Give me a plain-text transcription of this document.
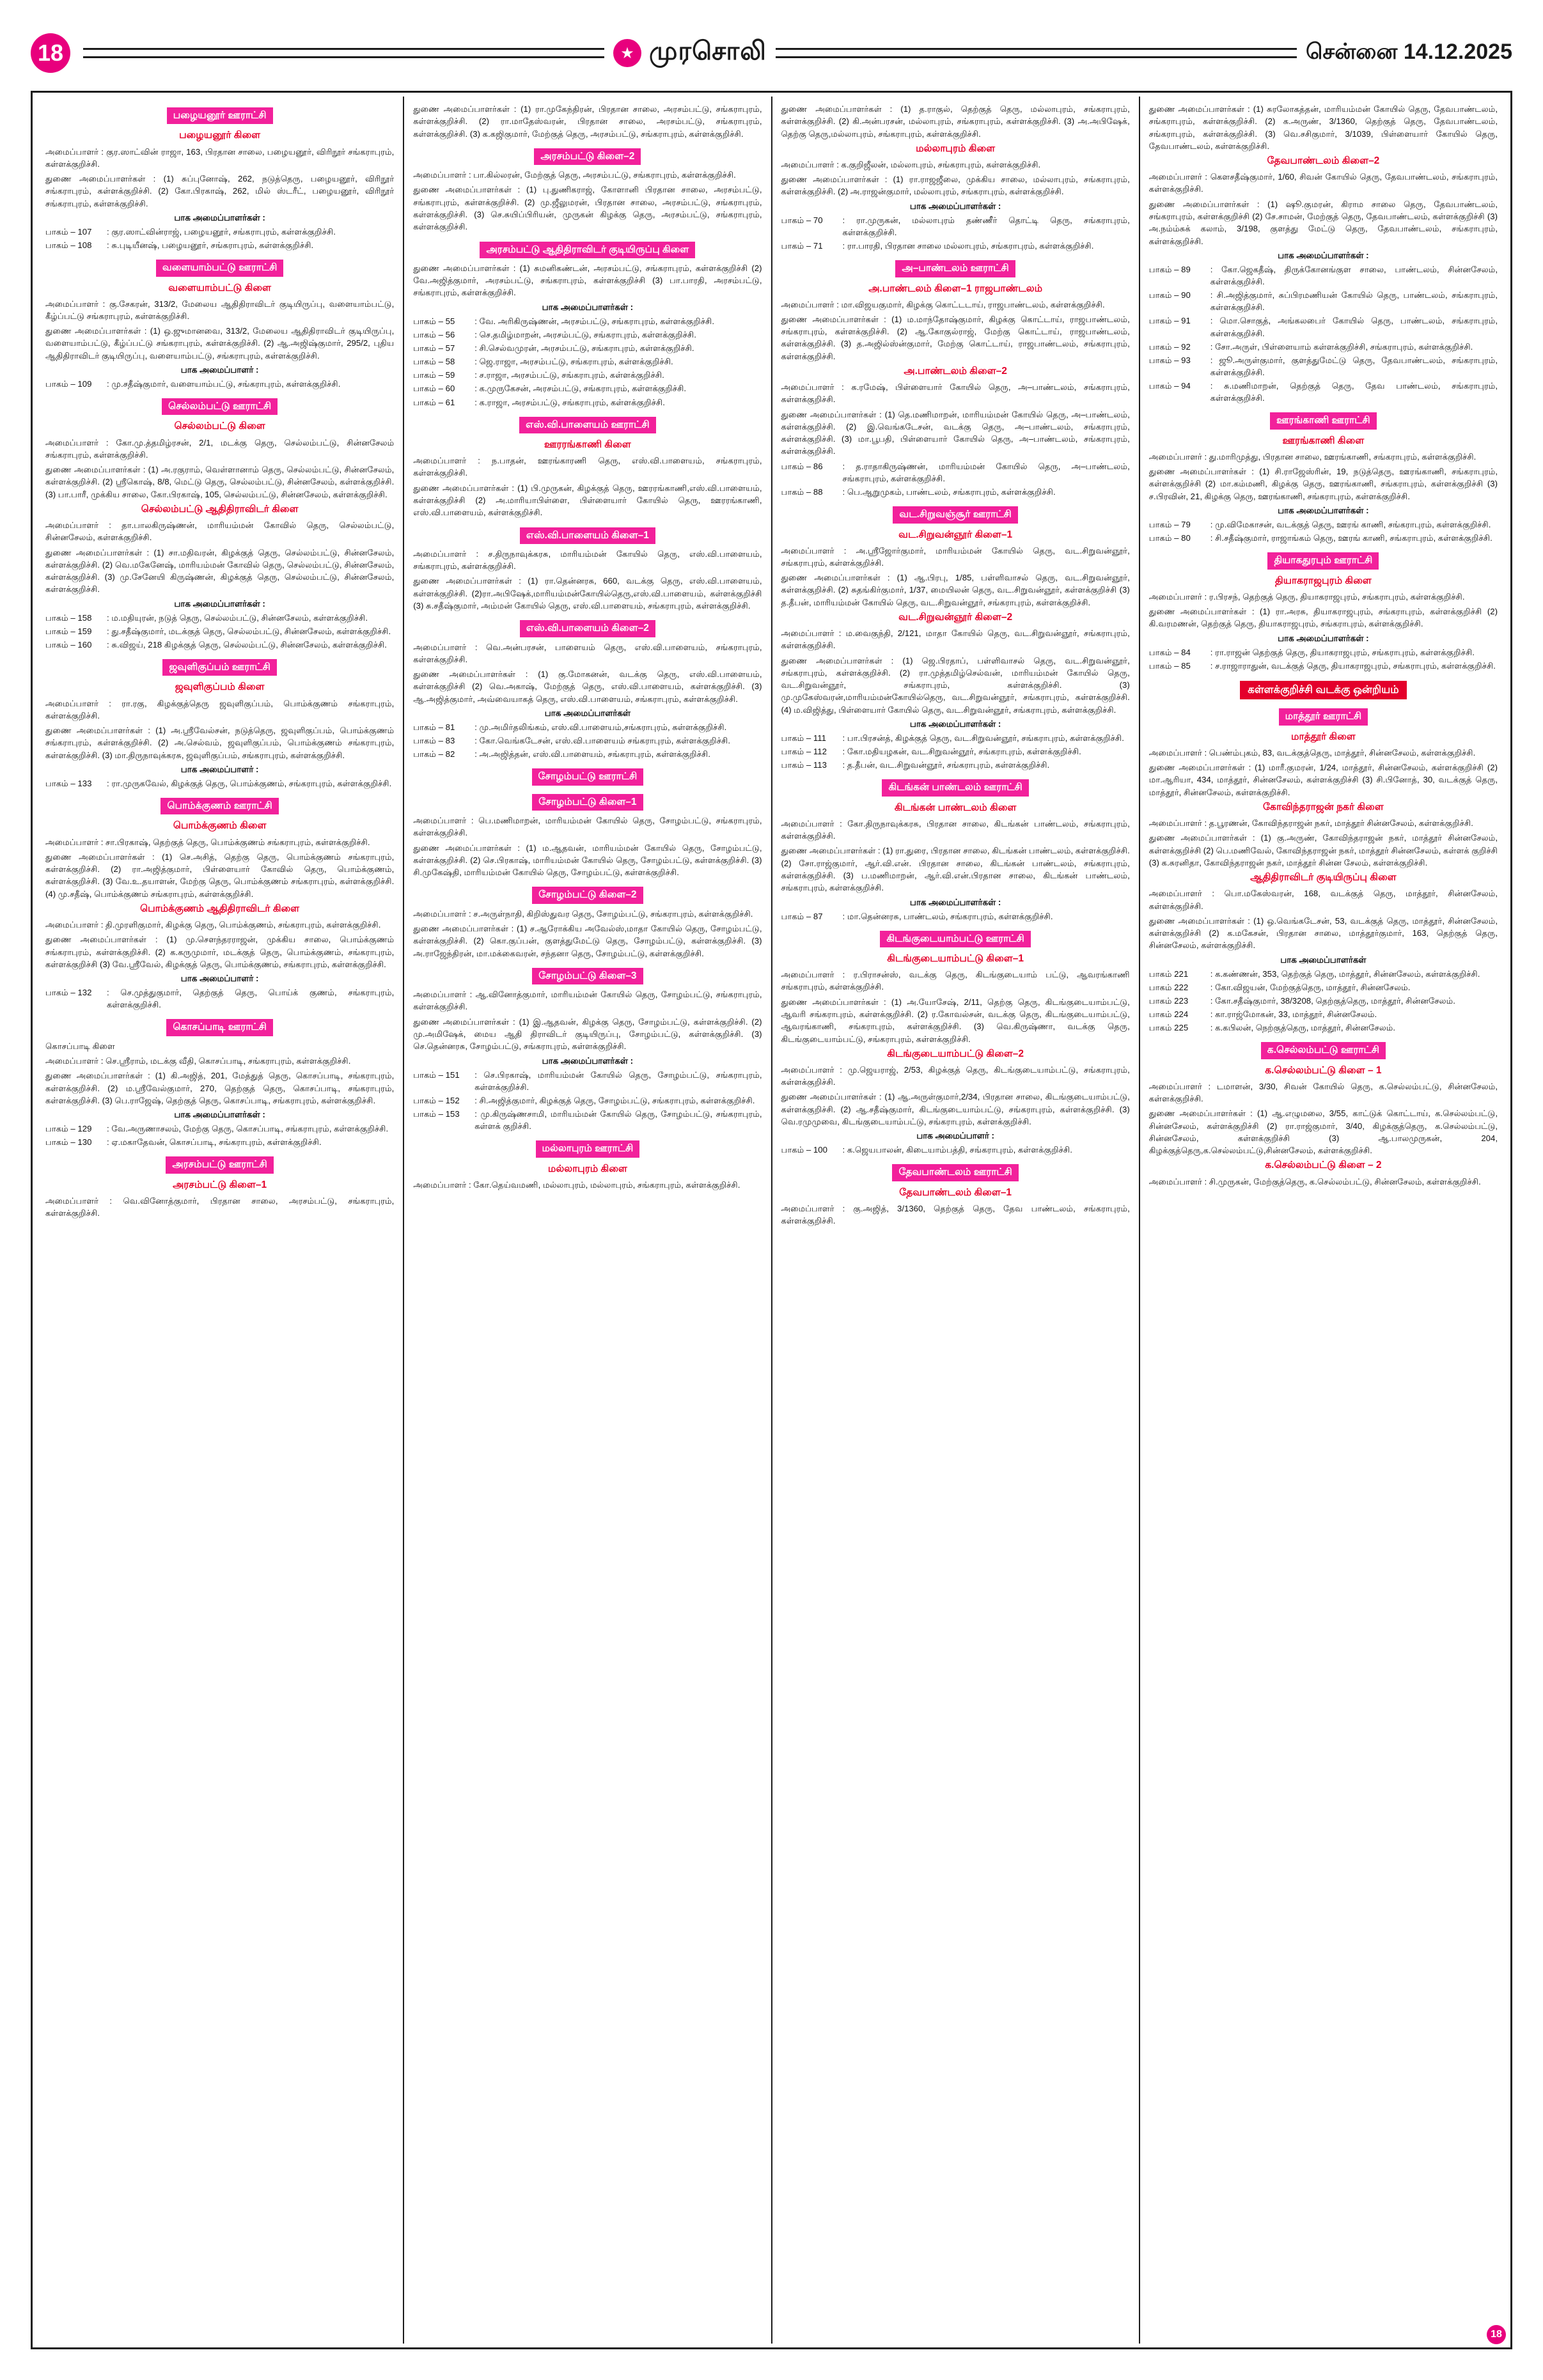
18	★ முரசொலி	சென்னை 14.12.2025
பழையனூர் ஊராட்சி
பழையனூர் கிளை
அமைப்பாளர் : குர.ஸாட்வின் ராஜா, 163, பிரதான சாலை, பழையனூர், விரிநூர் சங்கராபுரம், கள்ளக்குறிச்சி.
துணை அமைப்பாளர்கள் : (1) சுப்புனோஷ், 262, நடுத்தெரு, பழையனூர், விரிநூர் சங்கராபுரம், கள்ளக்குறிச்சி. (2) கோ.பிரகாஷ், 262, மில் ஸ்டரீட், பழையனூர், விரிநூர் சங்கராபுரம், கள்ளக்குறிச்சி.
பாக அமைப்பாளர்கள் :
பாகம் – 107	: குர.ஸாட்வின்ராஜ், பழையனூர், சங்கராபுரம், கள்ளக்குறிச்சி.
பாகம் – 108	: சு.புடியீனஷ், பழையனூர், சங்கராபுரம், கள்ளக்குறிச்சி.
வளையாம்பட்டு ஊராட்சி
வளையாம்பட்டு கிளை
அமைப்பாளர் : கு.சேகரன், 313/2, மேலைய ஆதிதிராவிடர் குடியிருப்பு, வளையாம்பட்டு, கீழ்ப்பட்டு சங்கராபுரம், கள்ளக்குறிச்சி.
துணை அமைப்பாளர்கள் : (1) ஒ.ஜுமானவை, 313/2, மேலைய ஆதிதிராவிடர் குடியிருப்பு, வளையாம்பட்டு, கீழ்ப்பட்டு சங்கராபுரம், கள்ளக்குறிச்சி. (2) ஆ.அஜிஷ்குமார், 295/2, புதிய ஆதிதிராவிடர் குடியிருப்பு, வளையாம்பட்டு, சங்கராபுரம், கள்ளக்குறிச்சி.
பாக அமைப்பாளர் :
பாகம் – 109	: மு.சதீஷ்குமார், வளையாம்பட்டு, சங்கராபுரம், கள்ளக்குறிச்சி.
செல்லம்பட்டு ஊராட்சி
செல்லம்பட்டு கிளை
அமைப்பாளர் : கோ.மு.த்தமிழ்ரசன், 2/1, மடக்கு தெரு, செல்லம்பட்டு, சின்னசேலம் சங்கராபுரம், கள்ளக்குறிச்சி.
துணை அமைப்பாளர்கள் : (1) அ.ரகுராம், வெள்ளானாம் தெரு, செல்லம்பட்டு, சின்னசேலம், கள்ளக்குறிச்சி. (2) ஸ்ரீகொஷ், 8/8, மெட்டு தெரு, செல்லம்பட்டு, சின்னசேலம், கள்ளக்குறிச்சி. (3) பா.பாரீ, முக்கிய சாலை, கோ.பிரகாஷ், 105, செல்லம்பட்டு, சின்னசேலம், கள்ளக்குறிச்சி.
செல்லம்பட்டு ஆதிதிராவிடர் கிளை
அமைப்பாளர் : தா.பாலகிருஷ்ணன், மாரியம்மன் கோவில் தெரு, செல்லம்பட்டு, சின்னசேலம், கள்ளக்குறிச்சி.
துணை அமைப்பாளர்கள் : (1) சா.மதிவரன், கிழக்குத் தெரு, செல்லம்பட்டு, சின்னசேலம், கள்ளக்குறிச்சி. (2) வெ.மகேனேஷ், மாரியம்மன் கோவில் தெரு, செல்லம்பட்டு, சின்னசேலம், கள்ளக்குறிச்சி. (3) மு.சேனேயி கிருஷ்ணன், கிழக்குத் தெரு, செல்லம்பட்டு, சின்னசேலம், கள்ளக்குறிச்சி.
பாக அமைப்பாளர்கள் :
பாகம் – 158	: ம.மதியுரன், நடுத் தெரு, செல்லம்பட்டு, சின்னசேலம், கள்ளக்குறிச்சி.
பாகம் – 159	: து.சதீஷ்குமார், மடக்குத் தெரு, செல்லம்பட்டு, சின்னசேலம், கள்ளக்குறிச்சி.
பாகம் – 160	: சு.விஜய், 218 கிழக்குத் தெரு, செல்லம்பட்டு, சின்னசேலம், கள்ளக்குறிச்சி.
ஜவுளிகுப்பம் ஊராட்சி
ஜவுளிகுப்பம் கிளை
அமைப்பாளர் : ரா.ரகு, கிழக்குத்தெரு ஜவுளிகுப்பம், பொம்க்குணம் சங்கராபுரம், கள்ளக்குறிச்சி.
துணை அமைப்பாளர்கள் : (1) அ.ஸ்ரீவேல்சன், நடுத்தெரு, ஜவுளிகுப்பம், பொம்க்குணம் சங்கராபுரம், கள்ளக்குறிச்சி. (2) அ.செல்வம், ஜவுளிகுப்பம், பொம்க்குணம் சங்கராபுரம், கள்ளக்குறிச்சி. (3) மா.திருநாவுக்கரசு, ஜவுளிகுப்பம், சங்கராபுரம், கள்ளக்குறிச்சி.
பாக அமைப்பாளர் :
பாகம் – 133	: ரா.முருகவேல், கிழக்குத் தெரு, பொம்க்குணம், சங்கராபுரம், கள்ளக்குறிச்சி.
பொம்க்குணம் ஊராட்சி
பொம்க்குணம் கிளை
அமைப்பாளர் : சா.பிரகாஷ், தெற்குத் தெரு, பொம்க்குணம் சங்கராபுரம், கள்ளக்குறிச்சி.
துணை அமைப்பாளர்கள் : (1) செ.அசித், தெற்கு தெரு, பொம்க்குணம் சங்கராபுரம், கள்ளக்குறிச்சி. (2) ரா.அஜித்குமார், பிள்ளையார் கோவில் தெரு, பொம்க்குணம், கள்ளக்குறிச்சி. (3) வே.உ.தயாளன், மேற்கு தெரு, பொம்க்குணம் சங்கராபுரம், கள்ளக்குறிச்சி. (4) மு.சதீஷ், பொம்க்குணம் சங்கராபுரம், கள்ளக்குறிச்சி.
பொம்க்குணம் ஆதிதிராவிடர் கிளை
அமைப்பாளர் : தி.முரளிகுமார், கிழக்கு தெரு, பொம்க்குணம், சங்கராபுரம், கள்ளக்குறிச்சி.
துணை அமைப்பாளர்கள் : (1) மு.செளந்தரராஜன், முக்கிய சாலை, பொம்க்குணம் சங்கராபுரம், கள்ளக்குறிச்சி. (2) க.கருமுமார், மடக்குத் தெரு, பொம்க்குணம், சங்கராபுரம், கள்ளக்குறிச்சி (3) வே.ஸ்ரீவேல், கிழக்குத் தெரு, பொம்க்குணம், சங்கராபுரம், கள்ளக்குறிச்சி.
பாக அமைப்பாளர் :
பாகம் – 132	: செ.முத்துகுமார், தெற்குத் தெரு, பொய்க் குணம், சங்கராபுரம், கள்ளக்குறிச்சி.
கொசப்பாடி ஊராட்சி
கொசப்பாடி கிளை
அமைப்பாளர் : செ.ஸ்ரீராம், மடக்கு வீதி, கொசப்பாடி, சங்கராபுரம், கள்ளக்குறிச்சி.
துணை அமைப்பாளர்கள் : (1) கி.அஜித், 201, மேத்துத் தெரு, கொசப்பாடி, சங்கராபுரம், கள்ளக்குறிச்சி. (2) ம.ஸ்ரீவேல்குமார், 270, தெற்குத் தெரு, கொசப்பாடி, சங்கராபுரம், கள்ளக்குறிச்சி. (3) பெ.ராஜேஷ், தெற்குத் தெரு, கொசப்பாடி, சங்கராபுரம், கள்ளக்குறிச்சி.
பாக அமைப்பாளர்கள் :
பாகம் – 129	: வே.அருணாசலம், மேற்கு தெரு, கொசப்பாடி, சங்கராபுரம், கள்ளக்குறிச்சி.
பாகம் – 130	: ஏ.மகாதேவன், கொசப்பாடி, சங்கராபுரம், கள்ளக்குறிச்சி.
அரசம்பட்டு ஊராட்சி
அரசம்பட்டு கிளை–1
அமைப்பாளர் : வெ.வினோத்குமார், பிரதான சாலை, அரசம்பட்டு, சங்கராபுரம், கள்ளக்குறிச்சி.
துணை அமைப்பாளர்கள் : (1) ரா.முகேந்திரன், பிரதான சாலை, அரசம்பட்டு, சங்கராபுரம், கள்ளக்குறிச்சி. (2) ரா.மாதேஸ்வரன், பிரதான சாலை, அரசம்பட்டு, சங்கராபுரம், கள்ளக்குறிச்சி. (3) க.கஜிகுமார், மேற்குத் தெரு, அரசம்பட்டு, சங்கராபுரம், கள்ளக்குறிச்சி.
அரசம்பட்டு கிளை–2
அமைப்பாளர் : பா.கில்லரன், மேற்குத் தெரு, அரசம்பட்டு, சங்கராபுரம், கள்ளக்குறிச்சி.
துணை அமைப்பாளர்கள் : (1) பு.துணிகராஜ், கோளானி பிரதான சாலை, அரசம்பட்டு, சங்கராபுரம், கள்ளக்குறிச்சி. (2) மு.ஜீலுமரன், பிரதான சாலை, அரசம்பட்டு, சங்கராபுரம், கள்ளக்குறிச்சி. (3) செ.சுயிப்பிரியன், முருகன் கிழக்கு தெரு, அரசம்பட்டு, சங்கராபுரம், கள்ளக்குறிச்சி.
அரசம்பட்டு ஆதிதிராவிடர் குடியிருப்பு கிளை
துணை அமைப்பாளர்கள் : (1) சுமனிகண்டன், அரசம்பட்டு, சங்கராபுரம், கள்ளக்குறிச்சி (2) வே.அஜித்குமார், அரசம்பட்டு, சங்கராபுரம், கள்ளக்குறிச்சி (3) பா.பாரதி, அரசம்பட்டு, சங்கராபுரம், கள்ளக்குறிச்சி.
பாக அமைப்பாளர்கள் :
பாகம் – 55	: வே. அரிகிருஷ்ணன், அரசம்பட்டு, சங்கராபுரம், கள்ளக்குறிச்சி.
பாகம் – 56	: செ.தமிழ்மாறன், அரசம்பட்டு, சங்கராபுரம், கள்ளக்குறிச்சி.
பாகம் – 57	: சி.செல்வமுரன், அரசம்பட்டு, சங்கராபுரம், கள்ளக்குறிச்சி.
பாகம் – 58	: ஜெ.ராஜா, அரசம்பட்டு, சங்கராபுரம், கள்ளக்குறிச்சி.
பாகம் – 59	: ச.ராஜா, அரசம்பட்டு, சங்கராபுரம், கள்ளக்குறிச்சி.
பாகம் – 60	: க.முருகேசன், அரசம்பட்டு, சங்கராபுரம், கள்ளக்குறிச்சி.
பாகம் – 61	: க.ராஜா, அரசம்பட்டு, சங்கராபுரம், கள்ளக்குறிச்சி.
எஸ்.வி.பாளையம் ஊராட்சி
ஊரரங்காணி கிளை
அமைப்பாளர் : ந.பாதன், ஊரங்காரணி தெரு, எஸ்.வி.பாளையம், சங்கராபுரம், கள்ளக்குறிச்சி.
துணை அமைப்பாளர்கள் : (1) பி.முருகன், கிழக்குத் தெரு, ஊரரங்காணி,எஸ்.வி.பாளையம், கள்ளக்குறிச்சி (2) அ.மாரியாபிள்ளை, பிள்ளையார் கோயில் தெரு, ஊரரங்காணி, எஸ்.வி.பாளையம், கள்ளக்குறிச்சி.
எஸ்.வி.பாளையம் கிளை–1
அமைப்பாளர் : ச.திருநாவுக்கரசு, மாரியம்மன் கோயில் தெரு, எஸ்.வி.பாளையம், சங்கராபுரம், கள்ளக்குறிச்சி.
துணை அமைப்பாளர்கள் : (1) ரா.தென்னரசு, 660, வடக்கு தெரு, எஸ்.வி.பாளையம், கள்ளக்குறிச்சி. (2)ரா.அபிஷேக்,மாரியம்மன்கோயில்தெரு,எஸ்.வி.பாளையம், கள்ளக்குறிச்சி (3) சு.சதீஷ்குமார், அம்மன் கோயில் தெரு, எஸ்.வி.பாளையம், சங்கராபுரம், கள்ளக்குறிச்சி.
எஸ்.வி.பாளையம் கிளை–2
அமைப்பாளர் : வெ.அன்பரசன், பாளையம் தெரு, எஸ்.வி.பாளையம், சங்கராபுரம், கள்ளக்குறிச்சி.
துணை அமைப்பாளர்கள் : (1) கு.மோகனன், வடக்கு தெரு, எஸ்.வி.பாளையம், கள்ளக்குறிச்சி (2) வெ.அகாஷ், மேற்குத் தெரு, எஸ்.வி.பாளையம், கள்ளக்குறிச்சி. (3) ஆ.அஜித்குமார், அவ்வையாகத் தெரு, எஸ்.வி.பாளையம், சங்கராபுரம், கள்ளக்குறிச்சி.
பாக அமைப்பாளர்கள்
பாகம் – 81	: மு.அமிர்தலிங்கம், எஸ்.வி.பாளையம்,சங்கராபுரம், கள்ளக்குறிச்சி.
பாகம் – 83	: கோ.வெங்கடேசன், எஸ்.வி.பாளையம் சங்கராபுரம், கள்ளக்குறிச்சி.
பாகம் – 82	: அ.அஜித்தன், எஸ்.வி.பாளையம், சங்கராபுரம், கள்ளக்குறிச்சி.
சோழம்பட்டு ஊராட்சி
சோழம்பட்டு கிளை–1
அமைப்பாளர் : பெ.மணிமாறன், மாரியம்மன் கோயில் தெரு, சோழம்பட்டு, சங்கராபுரம், கள்ளக்குறிச்சி.
துணை அமைப்பாளர்கள் : (1) ம.ஆதவன், மாரியம்மன் கோயில் தெரு, சோழம்பட்டு, கள்ளக்குறிச்சி. (2) செ.பிரகாஷ், மாரியம்மன் கோயில் தெரு, சோழம்பட்டு, கள்ளக்குறிச்சி. (3) சி.முகேஷ்தி, மாரியம்மன் கோயில் தெரு, சோழம்பட்டு, கள்ளக்குறிச்சி.
சோழம்பட்டு கிளை–2
அமைப்பாளர் : ச.அருள்நாதி, கிறிஸ்துவர தெரு, சோழம்பட்டு, சங்கராபுரம், கள்ளக்குறிச்சி.
துணை அமைப்பாளர்கள் : (1) ச.ஆரோக்கிய அவேல்ஸ்,மாதா கோயில் தெரு, சோழம்பட்டு, கள்ளக்குறிச்சி. (2) கொ.குப்பன், குளத்துமேட்டு தெரு, சோழம்பட்டு, கள்ளக்குறிச்சி. (3) அ.ராஜேந்திரன், மா.மக்கைவரன், சந்தனா தெரு, சோழம்பட்டு, கள்ளக்குறிச்சி.
சோழம்பட்டு கிளை–3
அமைப்பாளர் : ஆ.வினோத்குமார், மாரியம்மன் கோயில் தெரு, சோழம்பட்டு, சங்கராபுரம், கள்ளக்குறிச்சி.
துணை அமைப்பாளர்கள் : (1) இ.ஆதவன், கிழக்கு தெரு, சோழம்பட்டு, கள்ளக்குறிச்சி. (2) மு.அமிஷேக், மைய ஆதி திராவிடர் குடியிருப்பு, சோழம்பட்டு, கள்ளக்குறிச்சி. (3) செ.தென்னரசு, சோழம்பட்டு, சங்கராபுரம், கள்ளக்குறிச்சி.
பாக அமைப்பாளர்கள் :
பாகம் – 151	: செ.பிரகாஷ், மாரியம்மன் கோயில் தெரு, சோழம்பட்டு, சங்கராபுரம், கள்ளக்குறிச்சி.
பாகம் – 152	: சி.அஜித்குமார், கிழக்குத் தெரு, சோழம்பட்டு, சங்கராபுரம், கள்ளக்குறிச்சி.
பாகம் – 153	: மு.கிருஷ்ணசாமி, மாரியம்மன் கோயில் தெரு, சோழம்பட்டு, சங்கராபுரம், கள்ளக் குறிச்சி.
மல்லாபுரம் ஊராட்சி
மல்லாபுரம் கிளை
அமைப்பாளர் : கோ.தெய்வமணி, மல்லாபுரம், மல்லாபுரம், சங்கராபுரம், கள்ளக்குறிச்சி.
துணை அமைப்பாளர்கள் : (1) த.ராகுல், தெற்குத் தெரு, மல்லாபுரம், சங்கராபுரம், கள்ளக்குறிச்சி. (2) கி.அன்பரசன், மல்லாபுரம், சங்கராபுரம், கள்ளக்குறிச்சி. (3) அ.அபிஷேக், தெற்கு தெரு,மல்லாபுரம், சங்கராபுரம், கள்ளக்குறிச்சி.
மல்லாபுரம் கிளை
அமைப்பாளர் : க.குறிஜீலன், மல்லாபுரம், சங்கராபுரம், கள்ளக்குறிச்சி.
துணை அமைப்பாளர்கள் : (1) ரா.ராஜஜீலை, முக்கிய சாலை, மல்லாபுரம், சங்கராபுரம், கள்ளக்குறிச்சி. (2) அ.ராஜன்குமார், மல்லாபுரம், சங்கராபுரம், கள்ளக்குறிச்சி.
பாக அமைப்பாளர்கள் :
பாகம் – 70	: ரா.முருகன், மல்லாபுரம் தண்ணீர் தொட்டி தெரு, சங்கராபுரம், கள்ளக்குறிச்சி.
பாகம் – 71	: ரா.பாரதி, பிரதான சாலை மல்லாபுரம், சங்கராபுரம், கள்ளக்குறிச்சி.
அ–பாண்டலம் ஊராட்சி
அ.பாண்டலம் கிளை–1 ராஜபாண்டலம்
அமைப்பாளர் : மா.விஜயகுமார், கிழக்கு கொட்டடாய், ராஜபாண்டலம், கள்ளக்குறிச்சி.
துணை அமைப்பாளர்கள் : (1) ம.மாந்தோஷ்குமார், கிழக்கு கொட்டாய், ராஜபாண்டலம், சங்கராபுரம், கள்ளக்குறிச்சி. (2) ஆ.கோகுல்ராஜ், மேற்கு கொட்டாய், ராஜபாண்டலம், கள்ளக்குறிச்சி. (3) த.அஜில்ஸ்ன்குமார், மேற்கு கொட்டாய், ராஜபாண்டலம், சங்கராபுரம், கள்ளக்குறிச்சி.
அ.பாண்டலம் கிளை–2
அமைப்பாளர் : க.ரமேஷ், பிள்ளையார் கோயில் தெரு, அ–பாண்டலம், சங்கராபுரம், கள்ளக்குறிச்சி.
துணை அமைப்பாளர்கள் : (1) தெ.மணிமாறன், மாரியம்மன் கோயில் தெரு, அ–பாண்டலம், கள்ளக்குறிச்சி. (2) இ.வெங்கடேசன், வடக்கு தெரு, அ–பாண்டலம், சங்கராபுரம், கள்ளக்குறிச்சி. (3) மா.பூபதி, பிள்ளையார் கோயில் தெரு, அ–பாண்டலம், சங்கராபுரம், கள்ளக்குறிச்சி.
பாகம் – 86	: த.ராதாகிருஷ்ணன், மாரியம்மன் கோயில் தெரு, அ–பாண்டலம், சங்கராபுரம், கள்ளக்குறிச்சி.
பாகம் – 88	: பெ.ஆறுமுகம், பாண்டலம், சங்கராபுரம், கள்ளக்குறிச்சி.
வட.சிறுவஞ்சூர் ஊராட்சி
வட.சிறுவன்ஞூர் கிளை–1
அமைப்பாளர் : அ.ஸ்ரீஜோர்குமார், மாரியம்மன் கோயில் தெரு, வட.சிறுவன்ஞூர், சங்கராபுரம், கள்ளக்குறிச்சி.
துணை அமைப்பாளர்கள் : (1) ஆ.பிரபு, 1/85, பள்ளிவாசல் தெரு, வட.சிறுவன்ஞூர், கள்ளக்குறிச்சி. (2) சுதங்கிர்குமார், 1/37, மையிலன் தெரு, வட.சிறுவன்ஞூர், கள்ளக்குறிச்சி (3) த.தீபன், மாரியம்மன் கோயில் தெரு, வட.சிறுவன்ஞூர், சங்கராபுரம், கள்ளக்குறிச்சி.
வட.சிறுவன்ஞூர் கிளை–2
அமைப்பாளர் : ம.வைகுந்தி, 2/121, மாதா கோயில் தெரு, வட.சிறுவன்ஞூர், சங்கராபுரம், கள்ளக்குறிச்சி.
துணை அமைப்பாளர்கள் : (1) ஜெ.பிரதாப், பள்ளிவாசல் தெரு, வட.சிறுவன்ஞூர், சங்கராபுரம், கள்ளக்குறிச்சி. (2) ரா.முத்தமிழ்செல்வன், மாரியம்மன் கோயில் தெரு, வட.சிறுவன்ஞூர், சங்கராபுரம், கள்ளக்குறிச்சி. (3) மு.முகேஸ்வரன்,மாரியம்மன்கோயில்தெரு, வட.சிறுவன்ஞூர், சங்கராபுரம், கள்ளக்குறிச்சி. (4) ம.விஜித்து, பிள்ளையார் கோயில் தெரு, வட.சிறுவன்ஞூர், சங்கராபுரம், கள்ளக்குறிச்சி.
பாக அமைப்பாளர்கள் :
பாகம் – 111	: பா.பிரசன்த், கிழக்குத் தெரு, வட.சிறுவன்ஞூர், சங்கராபுரம், கள்ளக்குறிச்சி.
பாகம் – 112	: கோ.மதியழகன், வட.சிறுவன்ஞூர், சங்கராபுரம், கள்ளக்குறிச்சி.
பாகம் – 113	: த.தீபன், வட.சிறுவன்ஞூர், சங்கராபுரம், கள்ளக்குறிச்சி.
கிடங்கன் பாண்டலம் ஊராட்சி
கிடங்கன் பாண்டலம் கிளை
அமைப்பாளர் : கோ.திருநாவுக்கரசு, பிரதான சாலை, கிடங்கன் பாண்டலம், சங்கராபுரம், கள்ளக்குறிச்சி.
துணை அமைப்பாளர்கள் : (1) ரா.துரை, பிரதான சாலை, கிடங்கன் பாண்டலம், கள்ளக்குறிச்சி. (2) சோ.ராஜ்குமார், ஆர்.வி.என். பிரதான சாலை, கிடங்கன் பாண்டலம், சங்கராபுரம், கள்ளக்குறிச்சி. (3) ப.மணிமாறன், ஆர்.வி.என்.பிரதான சாலை, கிடங்கன் பாண்டலம், சங்கராபுரம், கள்ளக்குறிச்சி.
பாக அமைப்பாளர்கள் :
பாகம் – 87	: மா.தென்னரசு, பாண்டலம், சங்கராபுரம், கள்ளக்குறிச்சி.
கிடங்குடையாம்பட்டு ஊராட்சி
கிடங்குடையாம்பட்டு கிளை–1
அமைப்பாளர் : ர.பிராசன்ஸ், வடக்கு தெரு, கிடங்குடையாம் பட்டு, ஆவரங்காணி சங்கராபுரம், கள்ளக்குறிச்சி.
துணை அமைப்பாளர்கள் : (1) அ.யோசேஷ், 2/11, தெற்கு தெரு, கிடங்குடையாம்பட்டு, ஆவரி சங்கராபுரம், கள்ளக்குறிச்சி. (2) ர.கோவல்சன், வடக்கு தெரு, கிடங்குடையாம்பட்டு, ஆவரங்காணி, சங்கராபுரம், கள்ளக்குறிச்சி. (3) வெ.கிருஷ்ணா, வடக்கு தெரு, கிடங்குடையாம்பட்டு, சங்கராபுரம், கள்ளக்குறிச்சி.
கிடங்குடையாம்பட்டு கிளை–2
அமைப்பாளர் : மு.ஜெயராஜ், 2/53, கிழக்குத் தெரு, கிடங்குடையாம்பட்டு, சங்கராபுரம், கள்ளக்குறிச்சி.
துணை அமைப்பாளர்கள் : (1) ஆ.அருள்குமார்,2/34, பிரதான சாலை, கிடங்குடையாம்பட்டு, கள்ளக்குறிச்சி. (2) ஆ.சதீஷ்குமார், கிடங்குடையாம்பட்டு, சங்கராபுரம், கள்ளக்குறிச்சி. (3) வெ.ரமுமுவை, கிடங்குடையாம்பட்டு, சங்கராபுரம், கள்ளக்குறிச்சி.
பாக அமைப்பாளர் :
பாகம் – 100	: க.ஜெயபாலன், கிடையாம்பத்தி, சங்கராபுரம், கள்ளக்குறிச்சி.
தேவபாண்டலம் ஊராட்சி
தேவபாண்டலம் கிளை–1
அமைப்பாளர் : கு.அஜித், 3/1360, தெற்குத் தெரு, தேவ பாண்டலம், சங்கராபுரம், கள்ளக்குறிச்சி.
துணை அமைப்பாளர்கள் : (1) சுரலோகத்தன், மாரியம்மன் கோயில் தெரு, தேவபாண்டலம், சங்கராபுரம், கள்ளக்குறிச்சி. (2) க.அருண், 3/1360, தெற்குத் தெரு, தேவபாண்டலம், சங்கராபுரம், கள்ளக்குறிச்சி. (3) வெ.சசிகுமார், 3/1039, பிள்ளையார் கோயில் தெரு, தேவபாண்டலம், கள்ளக்குறிச்சி.
தேவபாண்டலம் கிளை–2
அமைப்பாளர் : கௌசதீஷ்குமார், 1/60, சிவன் கோயில் தெரு, தேவபாண்டலம், சங்கராபுரம், கள்ளக்குறிச்சி.
துணை அமைப்பாளர்கள் : (1) ஷூ.குமரன், கிராம சாலை தெரு, தேவபாண்டலம், சங்கராபுரம், கள்ளக்குறிச்சி (2) சே.சாமன், மேற்குத் தெரு, தேவபாண்டலம், கள்ளக்குறிச்சி (3) அ.நம்ம்சுக் கலாம், 3/198, குளத்து மேட்டு தெரு, தேவபாண்டலம், சங்கராபுரம், கள்ளக்குறிச்சி.
பாக அமைப்பாளர்கள் :
பாகம் – 89	: கோ.ஜெகதீஷ், திருக்கோனங்குள சாலை, பாண்டலம், சின்னசேலம், கள்ளக்குறிச்சி.
பாகம் – 90	: சி.அஜித்குமார், சுப்பிரமணியன் கோயில் தெரு, பாண்டலம், சங்கராபுரம், கள்ளக்குறிச்சி.
பாகம் – 91	: மொ.சொகுத், அங்கலபைர் கோயில் தெரு, பாண்டலம், சங்கராபுரம், கள்ளக்குறிச்சி.
பாகம் – 92	: சோ.அருள், பிள்ளையாம் கள்ளக்குறிச்சி, சங்கராபுரம், கள்ளக்குறிச்சி.
பாகம் – 93	: ஜூ.அருள்குமார், குளத்துமேட்டு தெரு, தேவபாண்டலம், சங்கராபுரம், கள்ளக்குறிச்சி.
பாகம் – 94	: சு.மணிமாறன், தெற்குத் தெரு, தேவ பாண்டலம், சங்கராபுரம், கள்ளக்குறிச்சி.
ஊரங்காணி ஊராட்சி
ஊரங்காணி கிளை
அமைப்பாளர் : து.மாரிமுத்து, பிரதான சாலை, ஊரங்காணி, சங்கராபுரம், கள்ளக்குறிச்சி.
துணை அமைப்பாளர்கள் : (1) சி.ராஜேஸ்ரின், 19, நடுத்தெரு, ஊரங்காணி, சங்கராபுரம், கள்ளக்குறிச்சி (2) மா.கம்மணி, கிழக்கு தெரு, ஊரங்காணி, சங்கராபுரம், கள்ளக்குறிச்சி (3) ச.பிரவின், 21, கிழக்கு தெரு, ஊரங்காணி, சங்கராபுரம், கள்ளக்குறிச்சி.
பாக அமைப்பாளர்கள் :
பாகம் – 79	: மு.விமேகாசன், வடக்குத் தெரு, ஊரங் காணி, சங்கராபுரம், கள்ளக்குறிச்சி.
பாகம் – 80	: சி.சதீஷ்குமார், ராஜாங்கம் தெரு, ஊரங் காணி, சங்கராபுரம், கள்ளக்குறிச்சி.
தியாகதுரபும் ஊராட்சி
தியாகராஜபுரம் கிளை
அமைப்பாளர் : ர.பிரசந், தெற்குத் தெரு, தியாகராஜபுரம், சங்கராபுரம், கள்ளக்குறிச்சி.
துணை அமைப்பாளர்கள் : (1) ரா.அரசு, தியாகராஜபுரம், சங்கராபுரம், கள்ளக்குறிச்சி (2) கி.வரமணன், தெற்குத் தெரு, தியாகராஜபுரம், சங்கராபுரம், கள்ளக்குறிச்சி.
பாக அமைப்பாளர்கள் :
பாகம் – 84	: ரா.ராஜன் தெற்குத் தெரு, தியாகராஜபுரம், சங்கராபுரம், கள்ளக்குறிச்சி.
பாகம் – 85	: ச.ராஜாராதுன், வடக்குத் தெரு, தியாகராஜபுரம், சங்கராபுரம், கள்ளக்குறிச்சி.
கள்ளக்குறிச்சி வடக்கு ஒன்றியம்
மாத்தூர் ஊராட்சி
மாத்தூர் கிளை
அமைப்பாளர் : பெண்ம்புகம், 83, வடக்குத்தெரு, மாத்தூர், சின்னசேலம், கள்ளக்குறிச்சி.
துணை அமைப்பாளர்கள் : (1) மாரீ.குமரன், 1/24, மாத்தூர், சின்னசேலம், கள்ளக்குறிச்சி (2) மா.ஆரியா, 434, மாத்தூர், சின்னசேலம், கள்ளக்குறிச்சி (3) சி.பினோத், 30, வடக்குத் தெரு, மாத்தூர், சின்னசேலம், கள்ளக்குறிச்சி.
கோவிந்தராஜன் நகர் கிளை
அமைப்பாளர் : த.பூரணன், கோவிந்தராஜன் நகர், மாத்தூர் சின்னசேலம், கள்ளக்குறிச்சி.
துணை அமைப்பாளர்கள் : (1) கு.அருண், கோவிந்தராஜன் நகர், மாத்தூர் சின்னசேலம், கள்ளக்குறிச்சி (2) பெ.மணிவேல், கோவிந்தராஜன் நகர், மாத்தூர் சின்னசேலம், கள்ளக் குறிச்சி (3) க.சுரனிதா, கோவிந்தராஜன் நகர், மாத்தூர் சின்ன சேலம், கள்ளக்குறிச்சி.
ஆதிதிராவிடர் குடியிருப்பு கிளை
அமைப்பாளர் : பொ.மகேஸ்வரன், 168, வடக்குத் தெரு, மாத்தூர், சின்னசேலம், கள்ளக்குறிச்சி.
துணை அமைப்பாளர்கள் : (1) ஒ.வெங்கடேசன், 53, வடக்குத் தெரு, மாத்தூர், சின்னசேலம், கள்ளக்குறிச்சி (2) க.மகேசன், பிரதான சாலை, மாத்தூர்குமார், 163, தெற்குத் தெரு, சின்னசேலம், கள்ளக்குறிச்சி.
பாக அமைப்பாளர்கள்
பாகம் 221	: க.கண்ணன், 353, தெற்குத் தெரு, மாத்தூர், சின்னசேலம், கள்ளக்குறிச்சி.
பாகம் 222	: கோ.விஜயன், மேற்குத்தெரு, மாத்தூர், சின்னசேலம்.
பாகம் 223	: கோ.சதீஷ்குமார், 38/3208, தெற்குத்தெரு, மாத்தூர், சின்னசேலம்.
பாகம் 224	: கா.ராஜ்மோகன், 33, மாத்தூர், சின்னசேலம்.
பாகம் 225	: க.கபிலன், நெற்குத்தெரு, மாத்தூர், சின்னசேலம்.
க.செல்லம்பட்டு ஊராட்சி
க.செல்லம்பட்டு கிளை – 1
அமைப்பாளர் : டமாளன், 3/30, சிவன் கோயில் தெரு, க.செல்லம்பட்டு, சின்னசேலம், கள்ளக்குறிச்சி.
துணை அமைப்பாளர்கள் : (1) ஆ.எழுமலை, 3/55, காட்டுக் கொட்டாய், க.செல்லம்பட்டு, சின்னசேலம், கள்ளக்குறிச்சி (2) ரா.ராஜ்குமார், 3/40, கிழக்குத்தெரு, க.செல்லம்பட்டு, சின்னசேலம், கள்ளக்குறிச்சி (3) ஆ.பாலமுருகன், 204, கிழக்குத்தெரு,க.செல்லம்பட்டு,சின்னசேலம், கள்ளக்குறிச்சி.
க.செல்லம்பட்டு கிளை – 2
அமைப்பாளர் : சி.முருகன், மேற்குத்தெரு, க.செல்லம்பட்டு, சின்னசேலம், கள்ளக்குறிச்சி.
18
